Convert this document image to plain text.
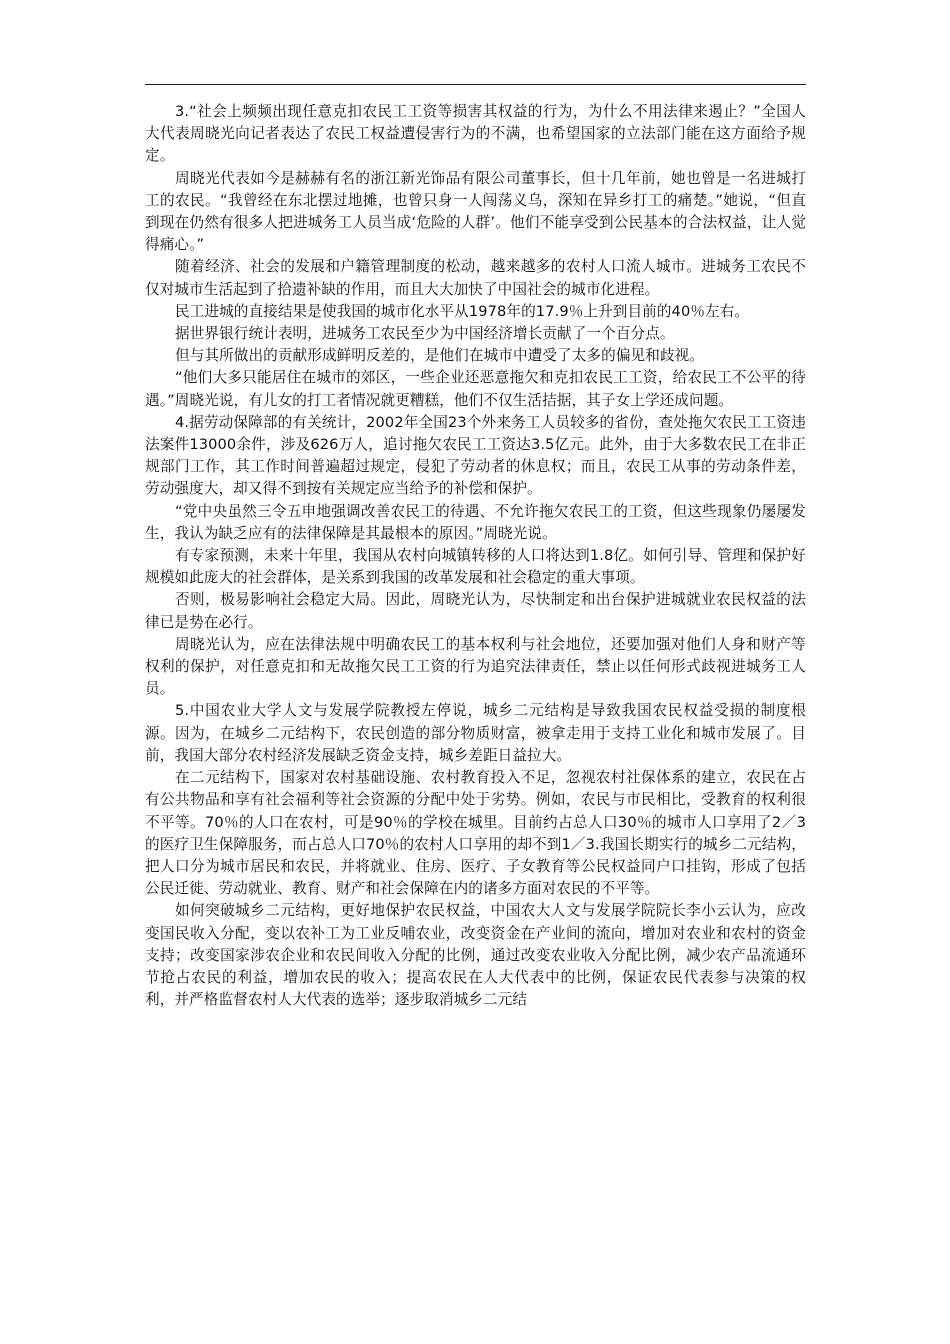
3.“社会上频频出现任意克扣农民工工资等损害其权益的行为，为什么不用法律来遏止？”全国人大代表周晓光向记者表达了农民工权益遭侵害行为的不满，也希望国家的立法部门能在这方面给予规定。

周晓光代表如今是赫赫有名的浙江新光饰品有限公司董事长，但十几年前，她也曾是一名进城打工的农民。“我曾经在东北摆过地摊，也曾只身一人闯荡义乌，深知在异乡打工的痛楚。”她说，“但直到现在仍然有很多人把进城务工人员当成‘危险的人群’。他们不能享受到公民基本的合法权益，让人觉得痛心。”

随着经济、社会的发展和户籍管理制度的松动，越来越多的农村人口流人城市。进城务工农民不仅对城市生活起到了拾遗补缺的作用，而且大大加快了中国社会的城市化进程。

民工进城的直接结果是使我国的城市化水平从1978年的17.9％上升到目前的40％左右。

据世界银行统计表明，进城务工农民至少为中国经济增长贡献了一个百分点。

但与其所做出的贡献形成鲜明反差的，是他们在城市中遭受了太多的偏见和歧视。

“他们大多只能居住在城市的郊区，一些企业还恶意拖欠和克扣农民工工资，给农民工不公平的待遇。”周晓光说，有儿女的打工者情况就更糟糕，他们不仅生活拮据，其子女上学还成问题。

4.据劳动保障部的有关统计，2002年全国23个外来务工人员较多的省份，查处拖欠农民工工资违法案件13000余件，涉及626万人，追讨拖欠农民工工资达3.5亿元。此外，由于大多数农民工在非正规部门工作，其工作时间普遍超过规定，侵犯了劳动者的休息权；而且，农民工从事的劳动条件差，劳动强度大，却又得不到按有关规定应当给予的补偿和保护。

“党中央虽然三令五申地强调改善农民工的待遇、不允许拖欠农民工的工资，但这些现象仍屡屡发生，我认为缺乏应有的法律保障是其最根本的原因。”周晓光说。

有专家预测，未来十年里，我国从农村向城镇转移的人口将达到1.8亿。如何引导、管理和保护好规模如此庞大的社会群体，是关系到我国的改革发展和社会稳定的重大事项。

否则，极易影响社会稳定大局。因此，周晓光认为，尽快制定和出台保护进城就业农民权益的法律已是势在必行。

周晓光认为，应在法律法规中明确农民工的基本权利与社会地位，还要加强对他们人身和财产等权利的保护，对任意克扣和无故拖欠民工工资的行为追究法律责任，禁止以任何形式歧视进城务工人员。

5.中国农业大学人文与发展学院教授左停说，城乡二元结构是导致我国农民权益受损的制度根源。因为，在城乡二元结构下，农民创造的部分物质财富，被拿走用于支持工业化和城市发展了。目前，我国大部分农村经济发展缺乏资金支持，城乡差距日益拉大。

在二元结构下，国家对农村基础设施、农村教育投入不足，忽视农村社保体系的建立，农民在占有公共物品和享有社会福利等社会资源的分配中处于劣势。例如，农民与市民相比，受教育的权利很不平等。70％的人口在农村，可是90％的学校在城里。目前约占总人口30％的城市人口享用了2／3的医疗卫生保障服务，而占总人口70％的农村人口享用的却不到1／3.我国长期实行的城乡二元结构，把人口分为城市居民和农民，并将就业、住房、医疗、子女教育等公民权益同户口挂钩，形成了包括公民迁徙、劳动就业、教育、财产和社会保障在内的诸多方面对农民的不平等。

如何突破城乡二元结构，更好地保护农民权益，中国农大人文与发展学院院长李小云认为，应改变国民收入分配，变以农补工为工业反哺农业，改变资金在产业间的流向，增加对农业和农村的资金支持；改变国家涉农企业和农民间收入分配的比例，通过改变农业收入分配比例，减少农产品流通环节抢占农民的利益，增加农民的收入；提高农民在人大代表中的比例，保证农民代表参与决策的权利，并严格监督农村人大代表的选举；逐步取消城乡二元结
